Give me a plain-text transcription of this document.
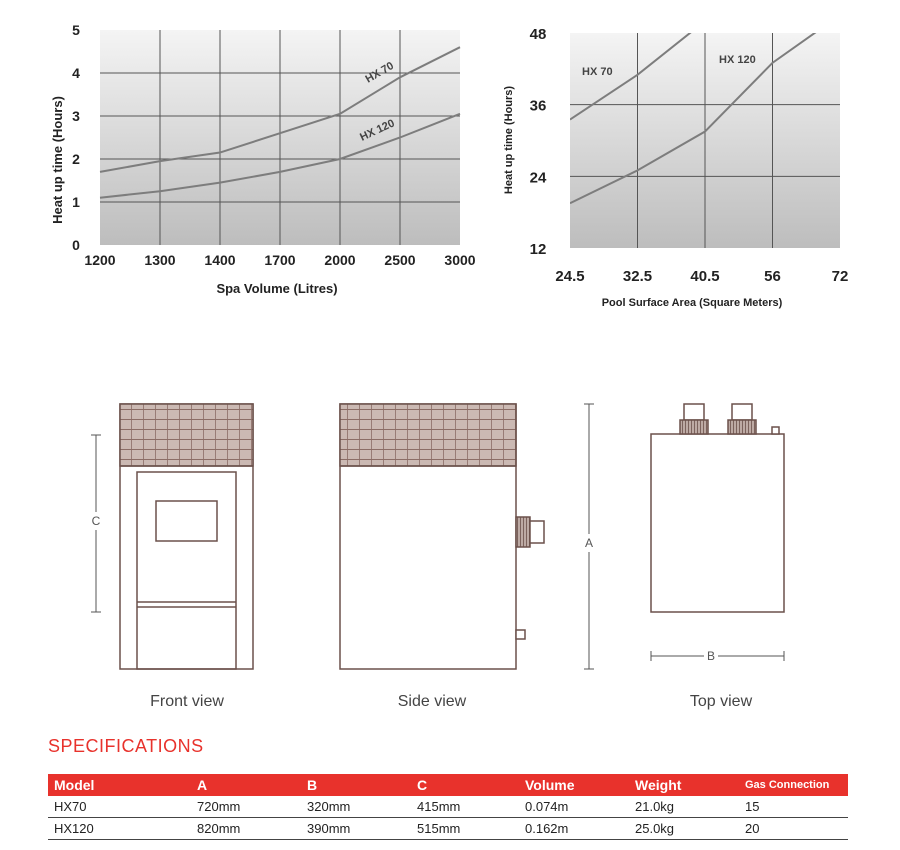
0
1
2
3
4
5
1200 1300 1400 1700 2000 2500 3000
HX 70
HX 120
Heat up time (Hours)
Spa Volume (Litres)
12
24
36
48
24.5	32.5	40.5	56	72
HX 70
HX 120
Heat up time (Hours)
Pool Surface Area (Square Meters)
C
A
B
Front view	Side view	Top view
SPECIFICATIONS
Model	A	B	C	Volume	Weight	Gas Connection
HX70	720mm	320mm	415mm	0.074m	21.0kg	15
HX120	820mm	390mm	515mm	0.162m	25.0kg	20
